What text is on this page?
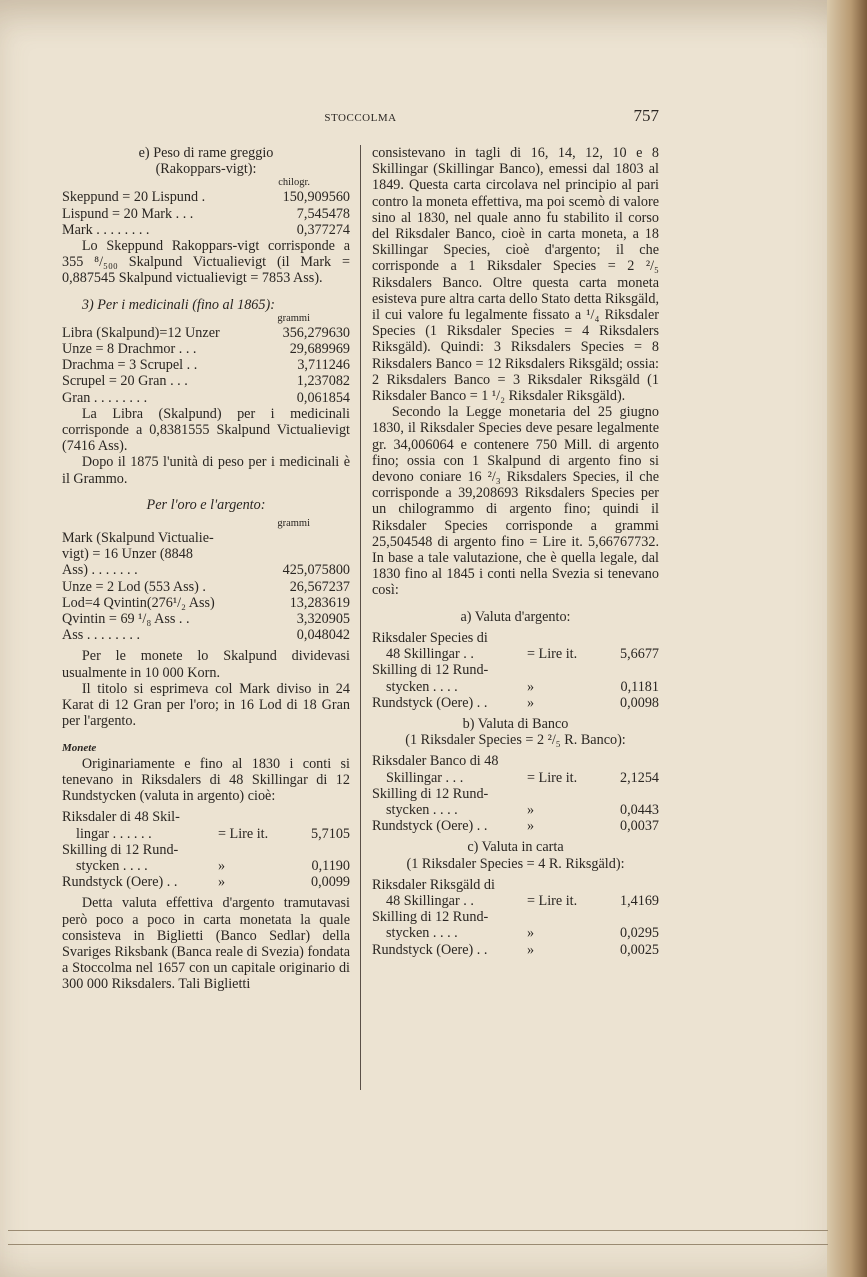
STOCCOLMA	757

e) Peso di rame greggio

(Rakoppars-vigt):

chilogr.
Skeppund = 20 Lispund .	150,909560
Lispund = 20 Mark . . .	7,545478
Mark . . . . . . . .	0,377274

Lo Skeppund Rakoppars-vigt corrisponde a 355 ⁸/₅₀₀ Skalpund Victualievigt (il Mark = 0,887545 Skalpund victualievigt = 7853 Ass).

3) Per i medicinali (fino al 1865):

grammi
Libra (Skalpund)=12 Unzer	356,279630
Unze = 8 Drachmor . . .	29,689969
Drachma = 3 Scrupel . .	3,711246
Scrupel = 20 Gran . . .	1,237082
Gran . . . . . . . .	0,061854

La Libra (Skalpund) per i medicinali corrisponde a 0,8381555 Skalpund Victualievigt (7416 Ass).

Dopo il 1875 l'unità di peso per i medicinali è il Grammo.

Per l'oro e l'argento:

grammi
Mark (Skalpund Victualie-
vigt) = 16 Unzer (8848
Ass) . . . . . . .	425,075800
Unze = 2 Lod (553 Ass) .	26,567237
Lod=4 Qvintin(276¹/₂ Ass)	13,283619
Qvintin = 69 ¹/₈ Ass . .	3,320905
Ass . . . . . . . .	0,048042

Per le monete lo Skalpund dividevasi usualmente in 10 000 Korn.

Il titolo si esprimeva col Mark diviso in 24 Karat di 12 Gran per l'oro; in 16 Lod di 18 Gran per l'argento.

Monete

Originariamente e fino al 1830 i conti si tenevano in Riksdalers di 48 Skillingar di 12 Rundstycken (valuta in argento) cioè:

Riksdaler di 48 Skil-
lingar . . . . . .	= Lire it.	5,7105
Skilling di 12 Rund-
stycken . . . .	»	0,1190
Rundstyck (Oere) . .	»	0,0099

Detta valuta effettiva d'argento tramutavasi però poco a poco in carta monetata la quale consisteva in Biglietti (Banco Sedlar) della Svariges Riksbank (Banca reale di Svezia) fondata a Stoccolma nel 1657 con un capitale originario di 300 000 Riksdalers. Tali Biglietti

consistevano in tagli di 16, 14, 12, 10 e 8 Skillingar (Skillingar Banco), emessi dal 1803 al 1849. Questa carta circolava nel principio al pari contro la moneta effettiva, ma poi scemò di valore sino al 1830, nel quale anno fu stabilito il corso del Riksdaler Banco, cioè in carta moneta, a 18 Skillingar Species, cioè d'argento; il che corrisponde a 1 Riksdaler Species = 2 ²/₅ Riksdalers Banco. Oltre questa carta moneta esisteva pure altra carta dello Stato detta Riksgäld, il cui valore fu legalmente fissato a ¹/₄ Riksdaler Species (1 Riksdaler Species = 4 Riksdalers Riksgäld). Quindi: 3 Riksdalers Species = 8 Riksdalers Banco = 12 Riksdalers Riksgäld; ossia: 2 Riksdalers Banco = 3 Riksdaler Riksgäld (1 Riksdaler Banco = 1 ¹/₂ Riksdaler Riksgäld).

Secondo la Legge monetaria del 25 giugno 1830, il Riksdaler Species deve pesare legalmente gr. 34,006064 e contenere 750 Mill. di argento fino; ossia con 1 Skalpund di argento fino si devono coniare 16 ²/₃ Riksdalers Species, il che corrisponde a 39,208693 Riksdalers Species per un chilogrammo di argento fino; quindi il Riksdaler Species corrisponde a grammi 25,504548 di argento fino = Lire it. 5,66767732. In base a tale valutazione, che è quella legale, dal 1830 fino al 1845 i conti nella Svezia si tenevano così:

a) Valuta d'argento:

Riksdaler Species di
48 Skillingar . .	= Lire it.	5,6677
Skilling di 12 Rund-
stycken . . . .	»	0,1181
Rundstyck (Oere) . .	»	0,0098

b) Valuta di Banco

(1 Riksdaler Species = 2 ²/₅ R. Banco):

Riksdaler Banco di 48
Skillingar . . .	= Lire it.	2,1254
Skilling di 12 Rund-
stycken . . . .	»	0,0443
Rundstyck (Oere) . .	»	0,0037

c) Valuta in carta

(1 Riksdaler Species = 4 R. Riksgäld):

Riksdaler Riksgäld di
48 Skillingar . .	= Lire it.	1,4169
Skilling di 12 Rund-
stycken . . . .	»	0,0295
Rundstyck (Oere) . .	»	0,0025
